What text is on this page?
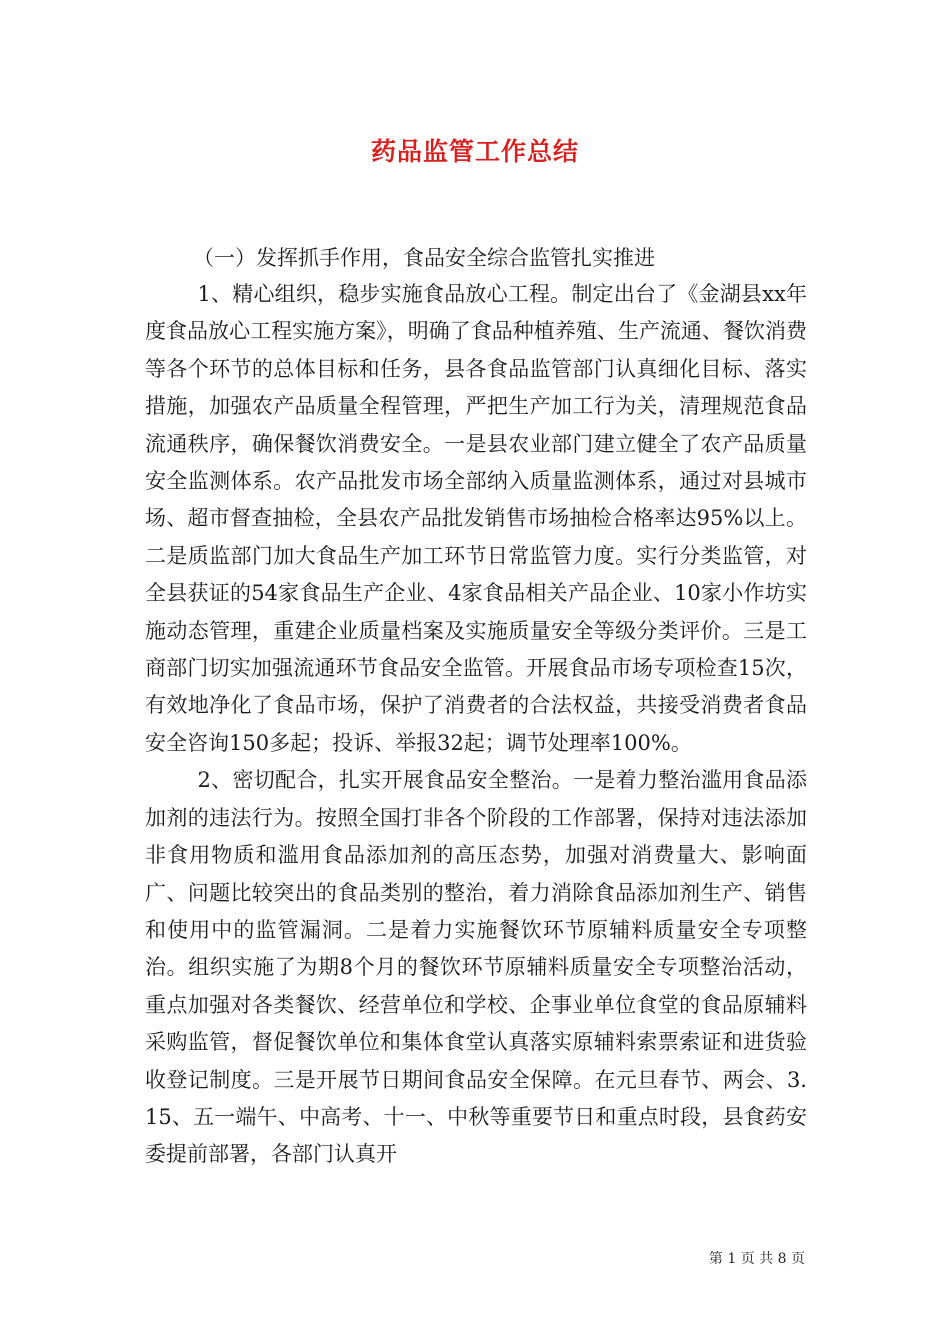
药品监管工作总结

（一）发挥抓手作用，食品安全综合监管扎实推进

1、精心组织，稳步实施食品放心工程。制定出台了《金湖县xx年度食品放心工程实施方案》，明确了食品种植养殖、生产流通、餐饮消费等各个环节的总体目标和任务，县各食品监管部门认真细化目标、落实措施，加强农产品质量全程管理，严把生产加工行为关，清理规范食品流通秩序，确保餐饮消费安全。一是县农业部门建立健全了农产品质量安全监测体系。农产品批发市场全部纳入质量监测体系，通过对县城市场、超市督查抽检，全县农产品批发销售市场抽检合格率达95%以上。二是质监部门加大食品生产加工环节日常监管力度。实行分类监管，对全县获证的54家食品生产企业、4家食品相关产品企业、10家小作坊实施动态管理，重建企业质量档案及实施质量安全等级分类评价。三是工商部门切实加强流通环节食品安全监管。开展食品市场专项检查15次，有效地净化了食品市场，保护了消费者的合法权益，共接受消费者食品安全咨询150多起；投诉、举报32起；调节处理率100%。

2、密切配合，扎实开展食品安全整治。一是着力整治滥用食品添加剂的违法行为。按照全国打非各个阶段的工作部署，保持对违法添加非食用物质和滥用食品添加剂的高压态势，加强对消费量大、影响面广、问题比较突出的食品类别的整治，着力消除食品添加剂生产、销售和使用中的监管漏洞。二是着力实施餐饮环节原辅料质量安全专项整治。组织实施了为期8个月的餐饮环节原辅料质量安全专项整治活动，重点加强对各类餐饮、经营单位和学校、企事业单位食堂的食品原辅料采购监管，督促餐饮单位和集体食堂认真落实原辅料索票索证和进货验收登记制度。三是开展节日期间食品安全保障。在元旦春节、两会、3.15、五一端午、中高考、十一、中秋等重要节日和重点时段，县食药安委提前部署，各部门认真开

第 1 页 共 8 页
